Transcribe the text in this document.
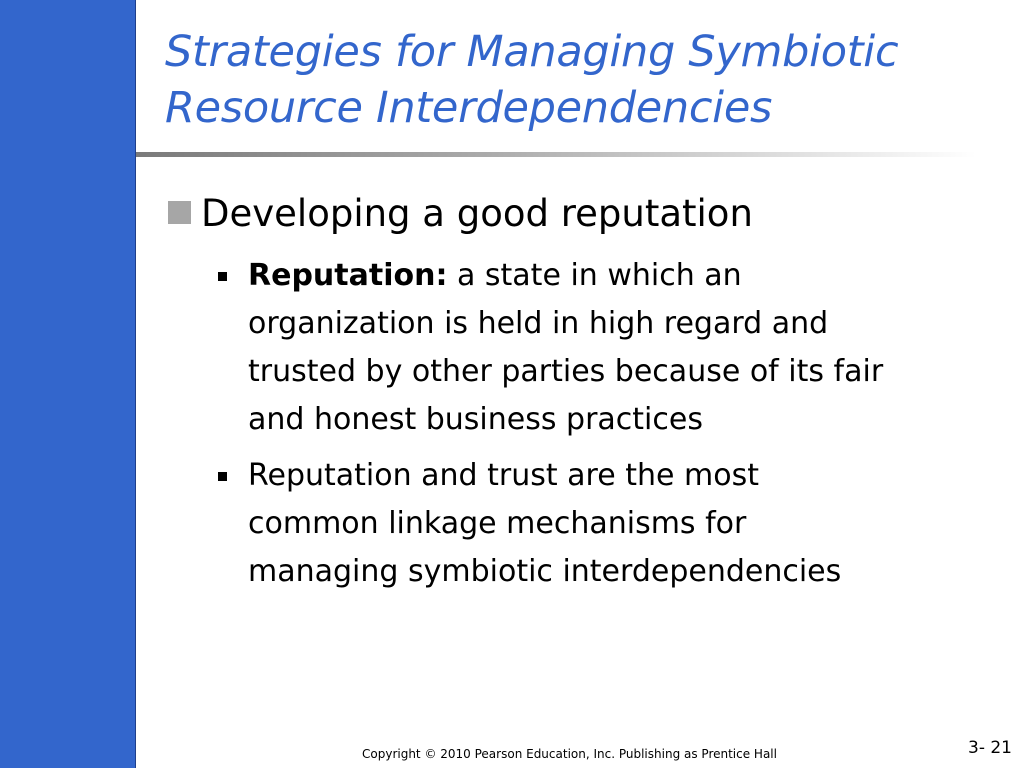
Strategies for Managing Symbiotic
Resource Interdependencies
Developing a good reputation
Reputation: a state in which an
organization is held in high regard and
trusted by other parties because of its fair
and honest business practices
Reputation and trust are the most
common linkage mechanisms for
managing symbiotic interdependencies
Copyright © 2010 Pearson Education, Inc. Publishing as Prentice Hall	3- 21
